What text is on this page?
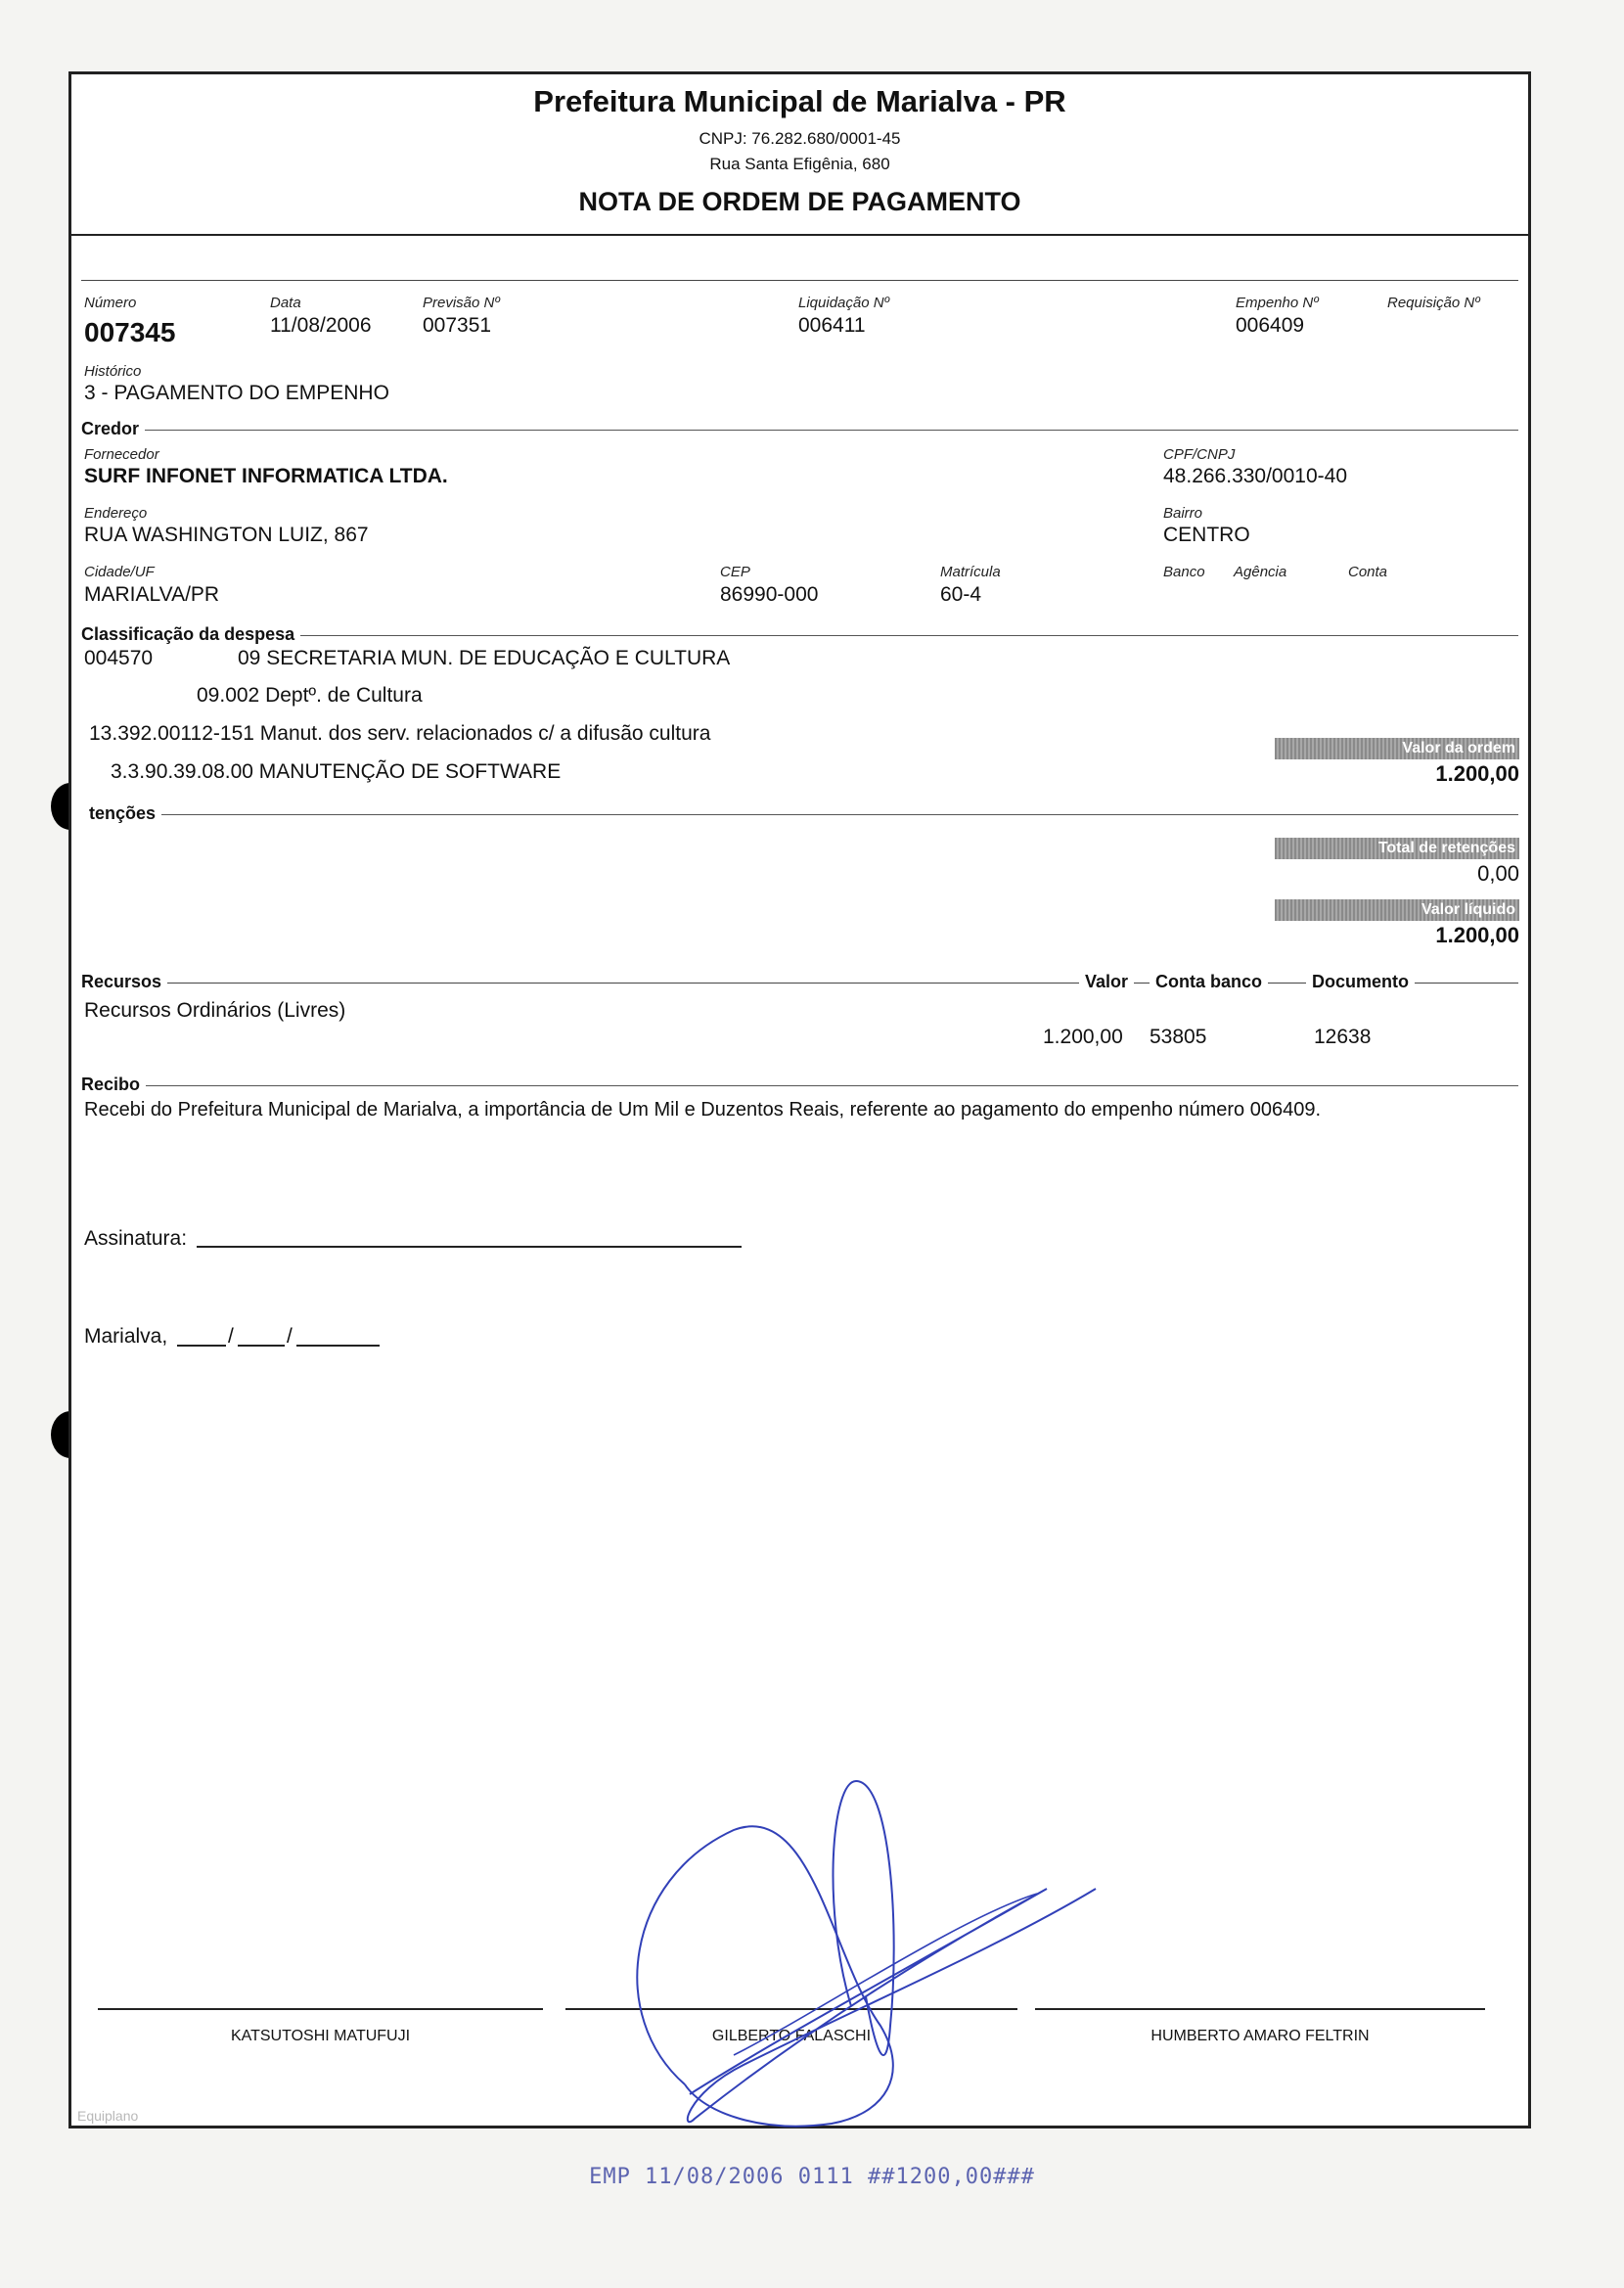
Prefeitura Municipal de Marialva - PR
CNPJ: 76.282.680/0001-45
Rua Santa Efigênia, 680
NOTA DE ORDEM DE PAGAMENTO
Número
007345
Data
11/08/2006
Previsão Nº
007351
Liquidação Nº
006411
Empenho Nº
006409
Requisição Nº
Histórico
3 - PAGAMENTO DO EMPENHO
Credor
Fornecedor
SURF INFONET INFORMATICA LTDA.
CPF/CNPJ
48.266.330/0010-40
Endereço
RUA WASHINGTON LUIZ, 867
Bairro
CENTRO
Cidade/UF
MARIALVA/PR
CEP
86990-000
Matrícula
60-4
Banco Agência	Conta
Classificação da despesa
004570	09 SECRETARIA MUN. DE EDUCAÇÃO E CULTURA
09.002 Deptº. de Cultura
13.392.00112-151 Manut. dos serv. relacionados c/ a difusão cultura
3.3.90.39.08.00 MANUTENÇÃO DE SOFTWARE
Valor da ordem
1.200,00
tenções
Total de retenções
0,00
Valor líquido
1.200,00
Recursos	Valor	Conta banco	Documento
Recursos Ordinários (Livres)
1.200,00 53805	12638
Recibo
Recebi do Prefeitura Municipal de Marialva, a importância de Um Mil e Duzentos Reais, referente ao pagamento do empenho número 006409.
Assinatura:
Marialva,	/	/
KATSUTOSHI MATUFUJI	GILBERTO FALASCHI	HUMBERTO AMARO FELTRIN
Equiplano
EMP 11/08/2006 0111 ##1200,00###
